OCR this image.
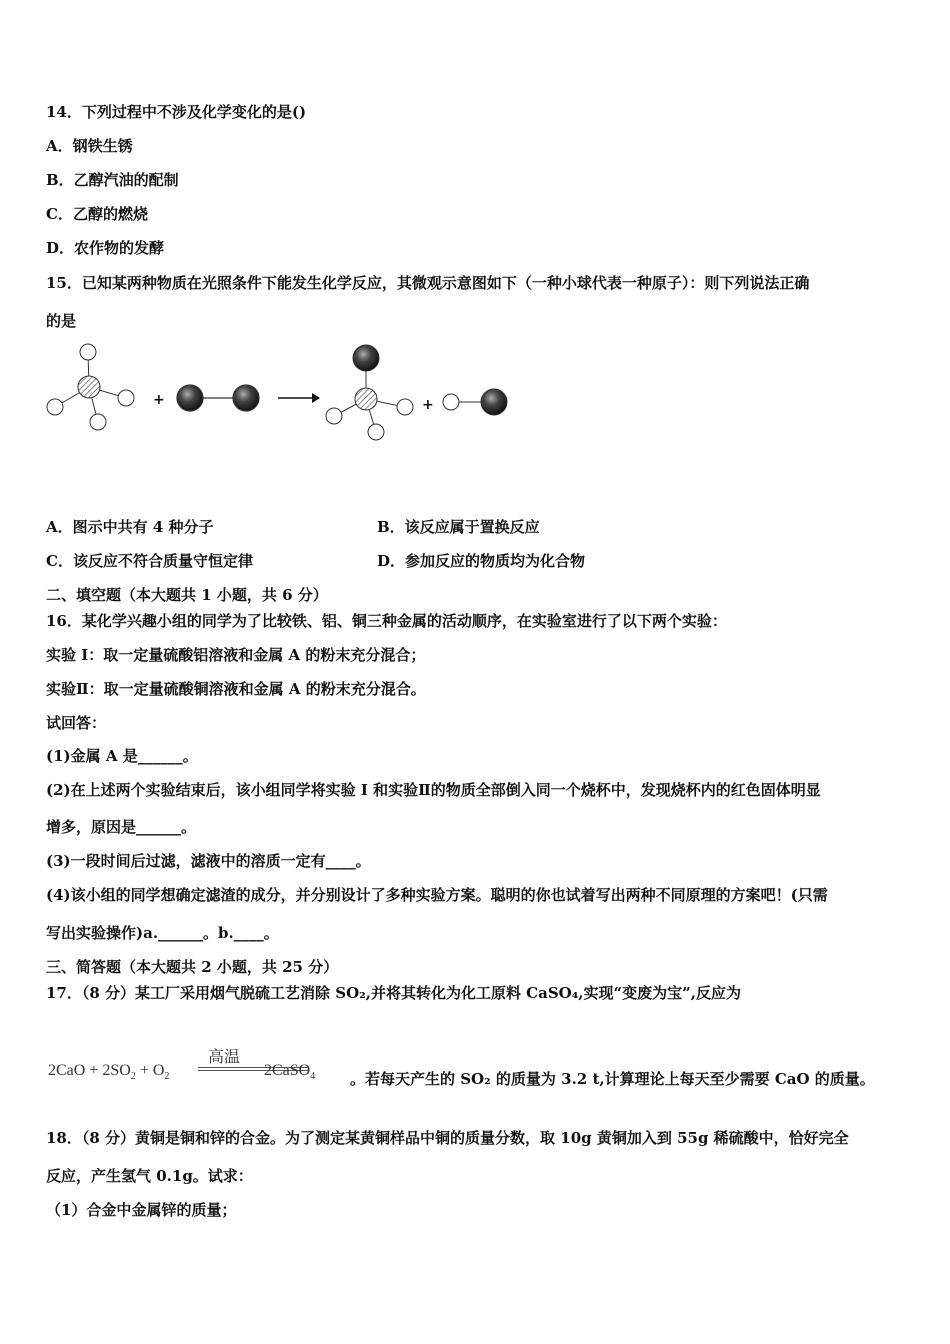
14．下列过程中不涉及化学变化的是()
A．钢铁生锈
B．乙醇汽油的配制
C．乙醇的燃烧
D．农作物的发酵
15．已知某两种物质在光照条件下能发生化学反应，其微观示意图如下（一种小球代表一种原子）：则下列说法正确
的是
+	+
A．图示中共有 4 种分子	B．该反应属于置换反应
C．该反应不符合质量守恒定律	D．参加反应的物质均为化合物
二、填空题（本大题共 1 小题，共 6 分）
16．某化学兴趣小组的同学为了比较铁、铝、铜三种金属的活动顺序，在实验室进行了以下两个实验：
实验 I：取一定量硫酸铝溶液和金属 A 的粉末充分混合；
实验Ⅱ：取一定量硫酸铜溶液和金属 A 的粉末充分混合。
试回答：
(1)金属 A 是______。
(2)在上述两个实验结束后，该小组同学将实验 I 和实验Ⅱ的物质全部倒入同一个烧杯中，发现烧杯内的红色固体明显
增多，原因是______。
(3)一段时间后过滤，滤液中的溶质一定有____。
(4)该小组的同学想确定滤渣的成分，并分别设计了多种实验方案。聪明的你也试着写出两种不同原理的方案吧！(只需
写出实验操作)a.______。b.____。
三、简答题（本大题共 2 小题，共 25 分）
17．（8 分）某工厂采用烟气脱硫工艺消除 SO₂,并将其转化为化工原料 CaSO₄,实现“变废为宝”,反应为
$2CaO + 2SO_2 + O_2$
高温
2CaSO$_4$ 。若每天产生的 SO₂ 的质量为 3.2 t,计算理论上每天至少需要 CaO 的质量。
18．（8 分）黄铜是铜和锌的合金。为了测定某黄铜样品中铜的质量分数，取 10g 黄铜加入到 55g 稀硫酸中，恰好完全
反应，产生氢气 0.1g。试求：
（1）合金中金属锌的质量；
